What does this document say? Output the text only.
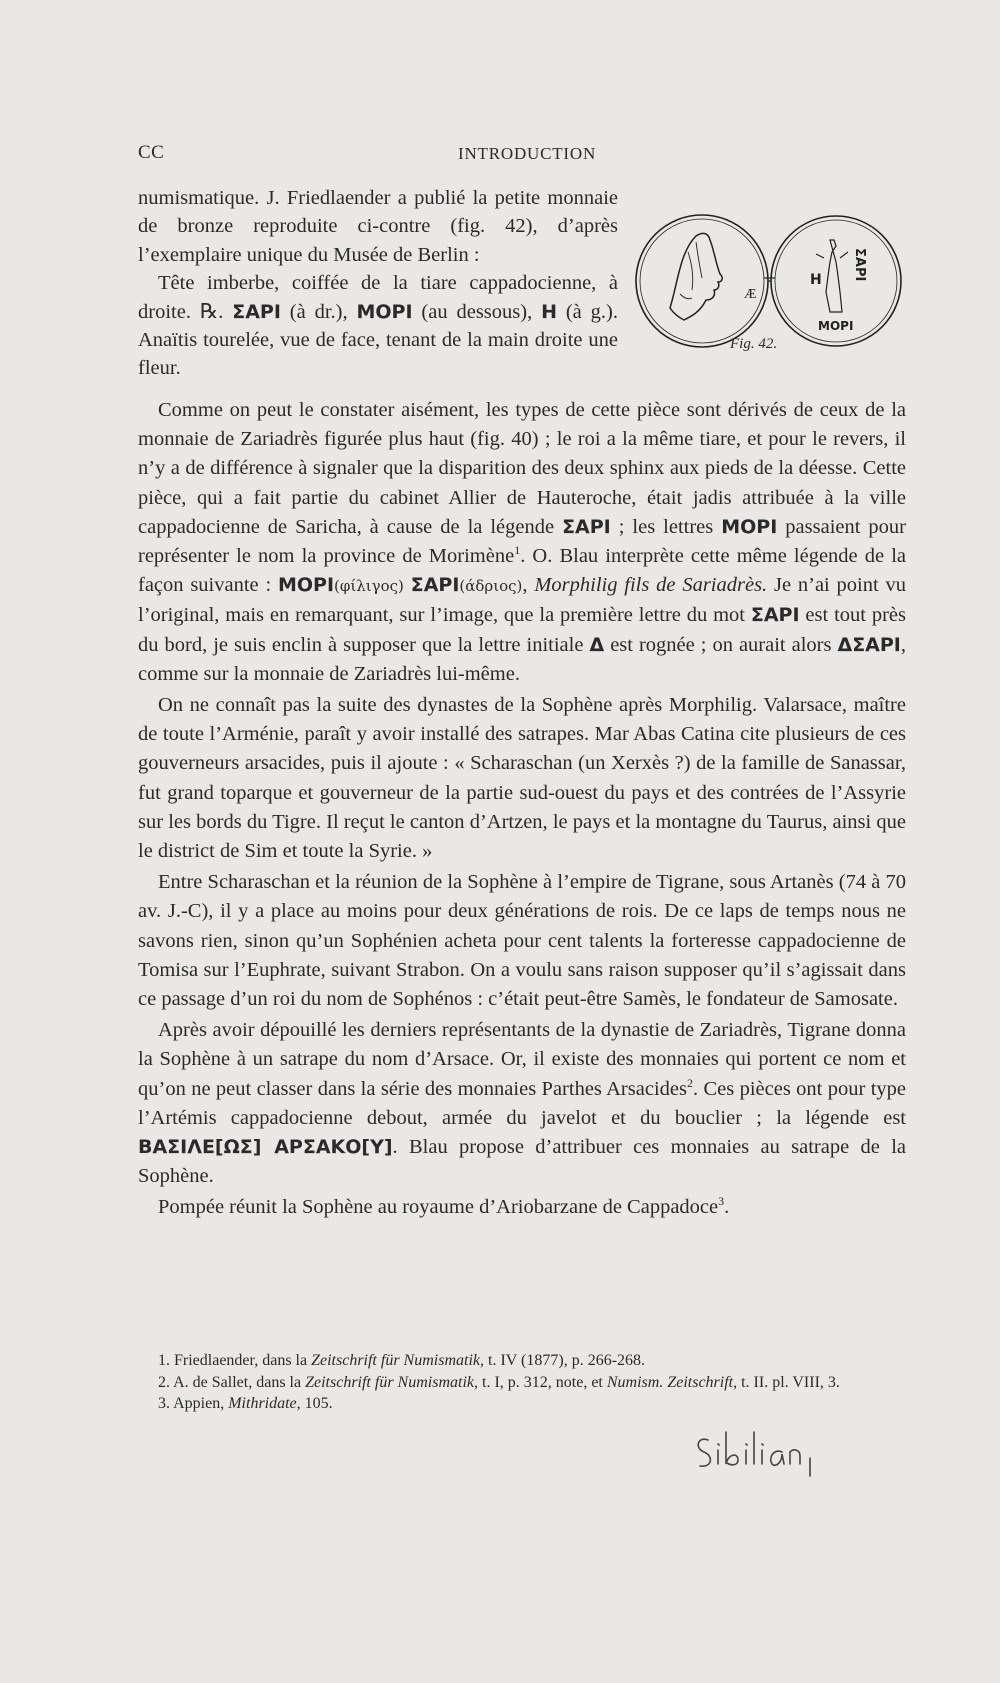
CC	INTRODUCTION

numismatique. J. Friedlaender a publié la petite monnaie de bronze reproduite ci-contre (fig. 42), d’après l’exemplaire unique du Musée de Berlin :

Tête imberbe, coiffée de la tiare cappadocienne, à droite. ℞. ΣΑΡΙ (à dr.), ΜΟΡΙ (au dessous), Η (à g.). Anaïtis tourelée, vue de face, tenant de la main droite une fleur.

Æ
ΣΑΡΙ
Η
ΜΟΡΙ
Fig. 42.

Comme on peut le constater aisément, les types de cette pièce sont dérivés de ceux de la monnaie de Zariadrès figurée plus haut (fig. 40) ; le roi a la même tiare, et pour le revers, il n’y a de différence à signaler que la disparition des deux sphinx aux pieds de la déesse. Cette pièce, qui a fait partie du cabinet Allier de Hauteroche, était jadis attribuée à la ville cappadocienne de Saricha, à cause de la légende ΣΑΡΙ ; les lettres ΜΟΡΙ passaient pour représenter le nom la province de Morimène$^1$. O. Blau interprète cette même légende de la façon suivante : ΜΟΡΙ(φίλιγος) ΣΑΡΙ(άδριος), Morphilig fils de Sariadrès. Je n’ai point vu l’original, mais en remarquant, sur l’image, que la première lettre du mot ΣΑΡΙ est tout près du bord, je suis enclin à supposer que la lettre initiale Δ est rognée ; on aurait alors ΔΣΑΡΙ, comme sur la monnaie de Zariadrès lui-même.

On ne connaît pas la suite des dynastes de la Sophène après Morphilig. Valarsace, maître de toute l’Arménie, paraît y avoir installé des satrapes. Mar Abas Catina cite plusieurs de ces gouverneurs arsacides, puis il ajoute : « Scharaschan (un Xerxès ?) de la famille de Sanassar, fut grand toparque et gouverneur de la partie sud-ouest du pays et des contrées de l’Assyrie sur les bords du Tigre. Il reçut le canton d’Artzen, le pays et la montagne du Taurus, ainsi que le district de Sim et toute la Syrie. »

Entre Scharaschan et la réunion de la Sophène à l’empire de Tigrane, sous Artanès (74 à 70 av. J.-C), il y a place au moins pour deux générations de rois. De ce laps de temps nous ne savons rien, sinon qu’un Sophénien acheta pour cent talents la forteresse cappadocienne de Tomisa sur l’Euphrate, suivant Strabon. On a voulu sans raison supposer qu’il s’agissait dans ce passage d’un roi du nom de Sophénos : c’était peut-être Samès, le fondateur de Samosate.

Après avoir dépouillé les derniers représentants de la dynastie de Zariadrès, Tigrane donna la Sophène à un satrape du nom d’Arsace. Or, il existe des monnaies qui portent ce nom et qu’on ne peut classer dans la série des monnaies Parthes Arsacides$^2$. Ces pièces ont pour type l’Artémis cappadocienne debout, armée du javelot et du bouclier ; la légende est ΒΑΣΙΛΕ[ΩΣ] ΑΡΣΑΚΟ[Υ]. Blau propose d’attribuer ces monnaies au satrape de la Sophène.

Pompée réunit la Sophène au royaume d’Ariobarzane de Cappadoce$^3$.

1. Friedlaender, dans la Zeitschrift für Numismatik, t. IV (1877), p. 266-268.

2. A. de Sallet, dans la Zeitschrift für Numismatik, t. I, p. 312, note, et Numism. Zeitschrift, t. II. pl. VIII, 3.

3. Appien, Mithridate, 105.
